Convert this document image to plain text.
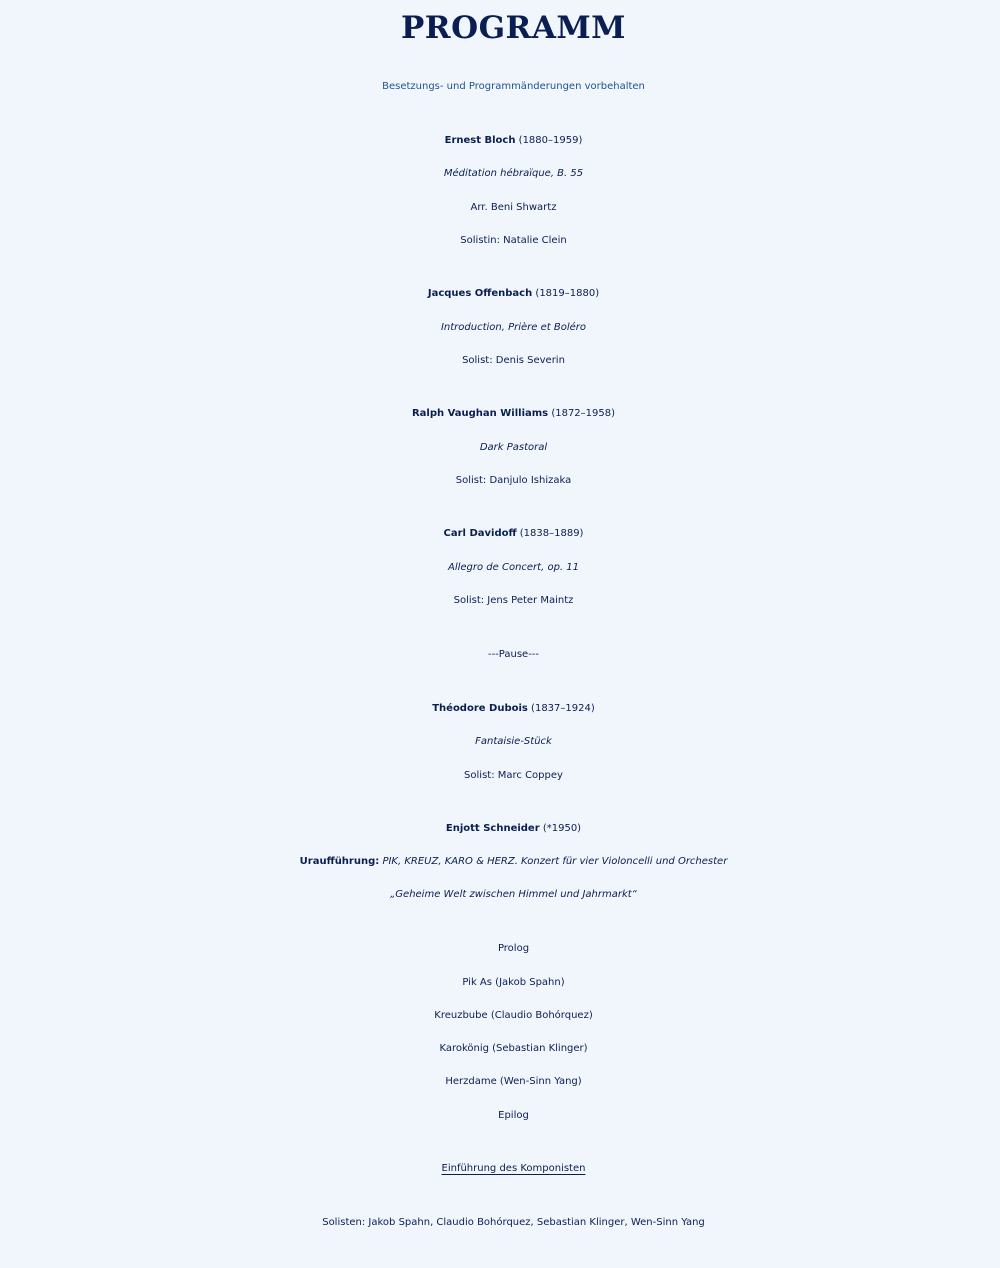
PROGRAMM
Besetzungs- und Programmänderungen vorbehalten
Ernest Bloch (1880–1959)
Méditation hébraïque, B. 55
Arr. Beni Shwartz
Solistin: Natalie Clein
Jacques Offenbach (1819–1880)
Introduction, Prière et Boléro
Solist: Denis Severin
Ralph Vaughan Williams (1872–1958)
Dark Pastoral
Solist: Danjulo Ishizaka
Carl Davidoff (1838–1889)
Allegro de Concert, op. 11
Solist: Jens Peter Maintz
---Pause---
Théodore Dubois (1837–1924)
Fantaisie-Stück
Solist: Marc Coppey
Enjott Schneider (*1950)
Uraufführung: PIK, KREUZ, KARO & HERZ. Konzert für vier Violoncelli und Orchester
„Geheime Welt zwischen Himmel und Jahrmarkt“
Prolog
Pik As (Jakob Spahn)
Kreuzbube (Claudio Bohórquez)
Karokönig (Sebastian Klinger)
Herzdame (Wen-Sinn Yang)
Epilog
Einführung des Komponisten
Solisten: Jakob Spahn, Claudio Bohórquez, Sebastian Klinger, Wen-Sinn Yang
